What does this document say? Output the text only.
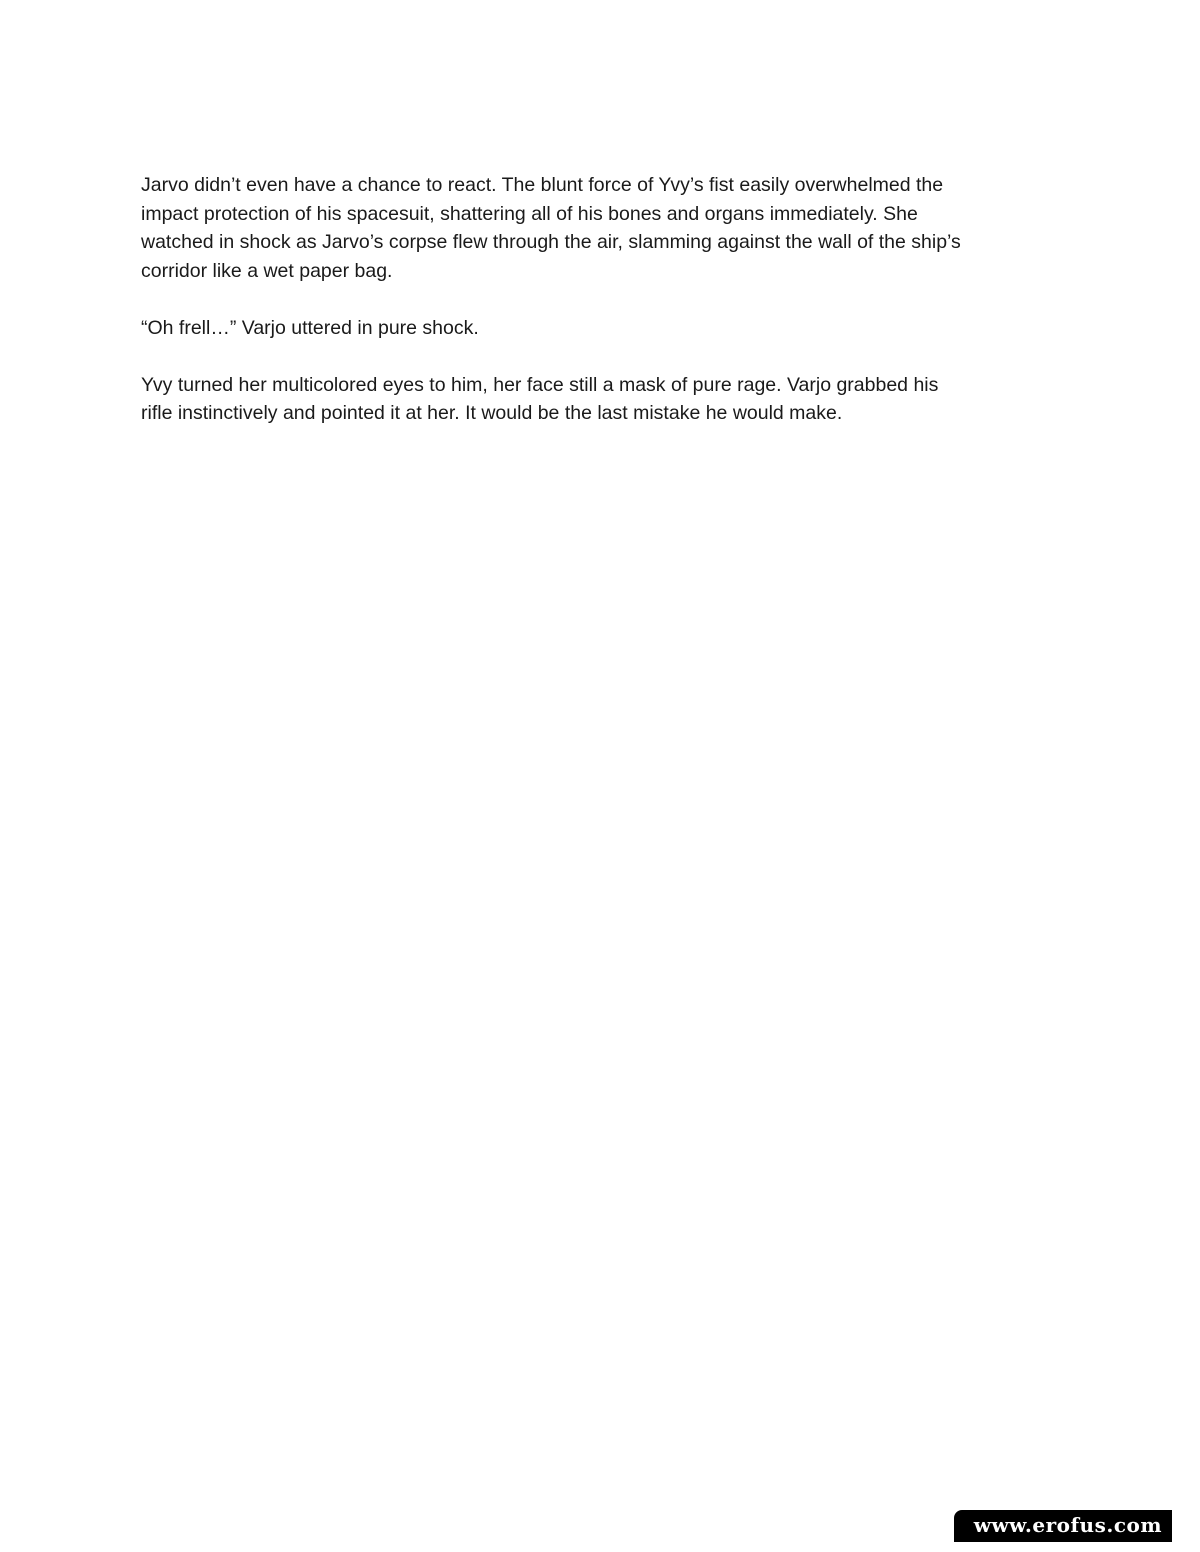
Jarvo didn’t even have a chance to react. The blunt force of Yvy’s fist easily overwhelmed the
impact protection of his spacesuit, shattering all of his bones and organs immediately. She
watched in shock as Jarvo’s corpse flew through the air, slamming against the wall of the ship’s
corridor like a wet paper bag.

“Oh frell…” Varjo uttered in pure shock.

Yvy turned her multicolored eyes to him, her face still a mask of pure rage. Varjo grabbed his
rifle instinctively and pointed it at her. It would be the last mistake he would make.

www.erofus.com
